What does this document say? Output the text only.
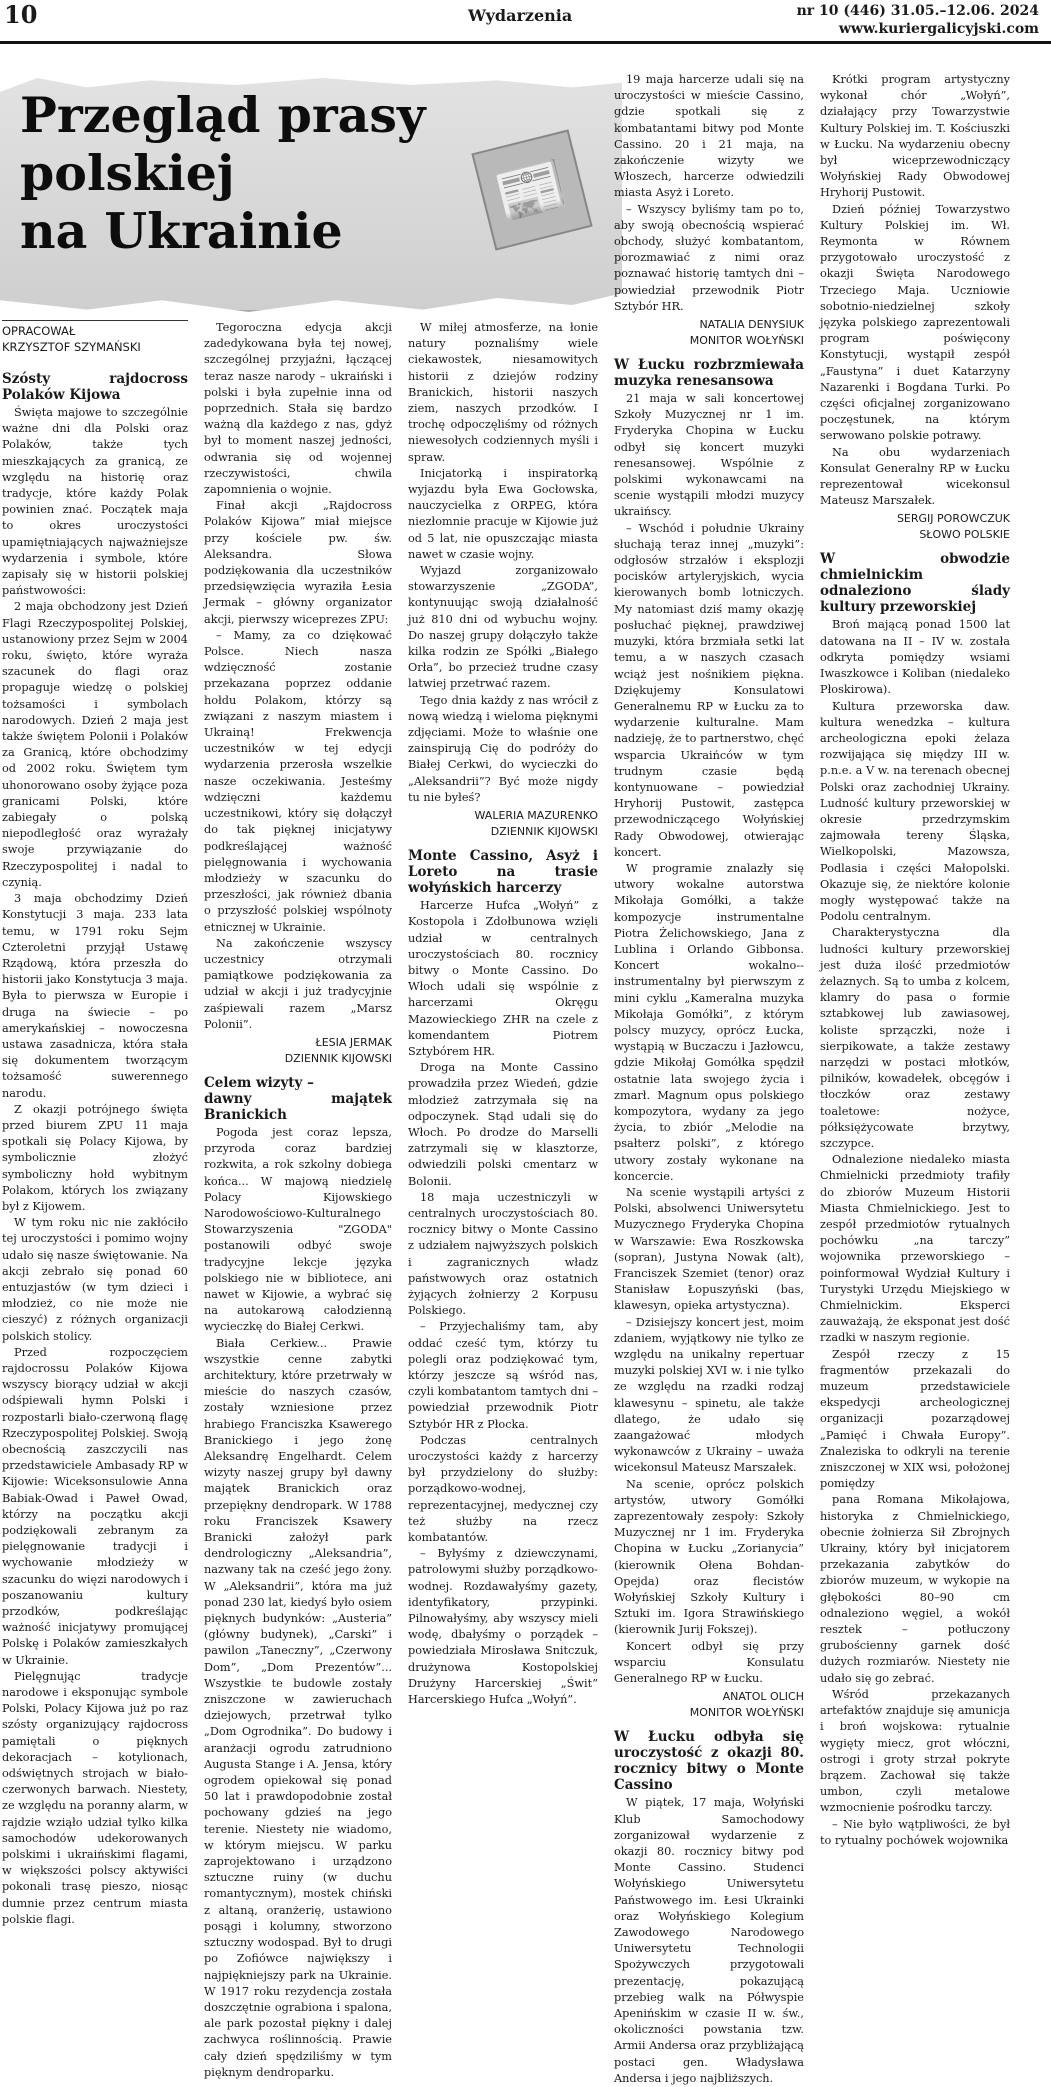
10	Wydarzenia	nr 10 (446) 31.05.–12.06. 2024
www.kuriergalicyjski.com
Przegląd prasy
polskiej
na Ukrainie	📰
OPRACOWAŁ
KRZYSZTOF SZYMAŃSKI
Szósty rajdocross Polaków Kijowa

Święta majowe to szczególnie ważne dni dla Polski oraz Polaków, także tych mieszkających za granicą, ze względu na historię oraz tradycje, które każdy Polak powinien znać. Początek maja to okres uroczystości upamiętniających najważniejsze wydarzenia i symbole, które zapisały się w historii polskiej państwowości:

2 maja obchodzony jest Dzień Flagi Rzeczypospolitej Polskiej, ustanowiony przez Sejm w 2004 roku, święto, które wyraża szacunek do flagi oraz propaguje wiedzę o polskiej tożsamości i symbolach narodowych. Dzień 2 maja jest także świętem Polonii i Polaków za Granicą, które obchodzimy od 2002 roku. Świętem tym uhonorowano osoby żyjące poza granicami Polski, które zabiegały o polską niepodległość oraz wyrażały swoje przywiązanie do Rzeczypospolitej i nadal to czynią.

3 maja obchodzimy Dzień Konstytucji 3 maja. 233 lata temu, w 1791 roku Sejm Czteroletni przyjął Ustawę Rządową, która przeszła do historii jako Konstytucja 3 maja. Była to pierwsza w Europie i druga na świecie – po amerykańskiej – nowoczesna ustawa zasadnicza, która stała się dokumentem tworzącym tożsamość suwerennego narodu.

Z okazji potrójnego święta przed biurem ZPU 11 maja spotkali się Polacy Kijowa, by symbolicznie złożyć symboliczny hołd wybitnym Polakom, których los związany był z Kijowem.

W tym roku nic nie zakłóciło tej uroczystości i pomimo wojny udało się nasze świętowanie. Na akcji zebrało się ponad 60 entuzjastów (w tym dzieci i młodzież, co nie może nie cieszyć) z różnych organizacji polskich stolicy.

Przed rozpoczęciem rajdocrossu Polaków Kijowa wszyscy biorący udział w akcji odśpiewali hymn Polski i rozpostarli biało-czerwoną flagę Rzeczypospolitej Polskiej. Swoją obecnością zaszczycili nas przedstawiciele Ambasady RP w Kijowie: Wiceksonsulowie Anna Babiak-Owad i Paweł Owad, którzy na początku akcji podziękowali zebranym za pielęgnowanie tradycji i wychowanie młodzieży w szacunku do więzi narodowych i poszanowaniu kultury przodków, podkreślając ważność inicjatywy promującej Polskę i Polaków zamieszkałych w Ukrainie.

Pielęgnując tradycje narodowe i eksponując symbole Polski, Polacy Kijowa już po raz szósty organizujący rajdocross pamiętali o pięknych dekoracjach – kotylionach, odświętnych strojach w biało-czerwonych barwach. Niestety, ze względu na poranny alarm, w rajdzie wziąło udział tylko kilka samochodów udekorowanych polskimi i ukraińskimi flagami, w większości polscy aktywiści pokonali trasę pieszo, niosąc dumnie przez centrum miasta polskie flagi.

Tegoroczna edycja akcji zadedykowana była tej nowej, szczególnej przyjaźni, łączącej teraz nasze narody – ukraiński i polski i była zupełnie inna od poprzednich. Stała się bardzo ważną dla każdego z nas, gdyż był to moment naszej jedności, odwrania się od wojennej rzeczywistości, chwila zapomnienia o wojnie.

Finał akcji „Rajdocross Polaków Kijowa” miał miejsce przy kościele pw. św. Aleksandra. Słowa podziękowania dla uczestników przedsięwzięcia wyraziła Łesia Jermak – główny organizator akcji, pierwszy wiceprezes ZPU:

– Mamy, za co dziękować Polsce. Niech nasza wdzięczność zostanie przekazana poprzez oddanie hołdu Polakom, którzy są związani z naszym miastem i Ukrainą! Frekwencja uczestników w tej edycji wydarzenia przerosła wszelkie nasze oczekiwania. Jesteśmy wdzięczni każdemu uczestnikowi, który się dołączył do tak pięknej inicjatywy podkreślającej ważność pielęgnowania i wychowania młodzieży w szacunku do przeszłości, jak również dbania o przyszłość polskiej wspólnoty etnicznej w Ukrainie.

Na zakończenie wszyscy uczestnicy otrzymali pamiątkowe podziękowania za udział w akcji i już tradycyjnie zaśpiewali razem „Marsz Polonii”.

ŁESIA JERMAK
DZIENNIK KIJOWSKI
Celem wizyty –
dawny majątek Branickich

Pogoda jest coraz lepsza, przyroda coraz bardziej rozkwita, a rok szkolny dobiega końca... W majową niedzielę Polacy Kijowskiego Narodowościowo-Kulturalnego Stowarzyszenia "ZGODA" postanowili odbyć swoje tradycyjne lekcje języka polskiego nie w bibliotece, ani nawet w Kijowie, a wybrać się na autokarową całodzienną wycieczkę do Białej Cerkwi.

Biała Cerkiew... Prawie wszystkie cenne zabytki architektury, które przetrwały w mieście do naszych czasów, zostały wzniesione przez hrabiego Franciszka Ksawerego Branickiego i jego żonę Aleksandrę Engelhardt. Celem wizyty naszej grupy był dawny majątek Branickich oraz przepiękny dendropark. W 1788 roku Franciszek Ksawery Branicki założył park dendrologiczny „Aleksandria”, nazwany tak na cześć jego żony. W „Aleksandrii”, która ma już ponad 230 lat, kiedyś było osiem pięknych budynków: „Austeria” (główny budynek), „Carski” i pawilon „Taneczny”, „Czerwony Dom”, „Dom Prezentów”... Wszystkie te budowle zostały zniszczone w zawieruchach dziejowych, przetrwał tylko „Dom Ogrodnika”. Do budowy i aranżacji ogrodu zatrudniono Augusta Stange i A. Jensa, który ogrodem opiekował się ponad 50 lat i prawdopodobnie został pochowany gdzieś na jego terenie. Niestety nie wiadomo, w którym miejscu. W parku zaprojektowano i urządzono sztuczne ruiny (w duchu romantycznym), mostek chiński z altaną, oranżerię, ustawiono posągi i kolumny, stworzono sztuczny wodospad. Był to drugi po Zofiówce największy i najpiękniejszy park na Ukrainie. W 1917 roku rezydencja została doszczętnie ograbiona i spalona, ale park pozostał piękny i dalej zachwyca roślinnością. Prawie cały dzień spędziliśmy w tym pięknym dendroparku.

W miłej atmosferze, na łonie natury poznaliśmy wiele ciekawostek, niesamowitych historii z dziejów rodziny Branickich, historii naszych ziem, naszych przodków. I trochę odpoczęliśmy od różnych niewesołych codziennych myśli i spraw.

Inicjatorką i inspiratorką wyjazdu była Ewa Gocłowska, nauczycielka z ORPEG, która niezłomnie pracuje w Kijowie już od 5 lat, nie opuszczając miasta nawet w czasie wojny.

Wyjazd zorganizowało stowarzyszenie „ZGODA”, kontynuując swoją działalność już 810 dni od wybuchu wojny. Do naszej grupy dołączyło także kilka rodzin ze Spółki „Białego Orła”, bo przecież trudne czasy latwiej przetrwać razem.

Tego dnia każdy z nas wrócił z nową wiedzą i wieloma pięknymi zdjęciami. Może to właśnie one zainspirują Cię do podróży do Białej Cerkwi, do wycieczki do „Aleksandrii”? Być może nigdy tu nie byłeś?

WALERIA MAZURENKO
DZIENNIK KIJOWSKI
Monte Cassino, Asyż i Loreto na trasie wołyńskich harcerzy

Harcerze Hufca „Wołyń” z Kostopola i Zdołbunowa wzięli udział w centralnych uroczystościach 80. rocznicy bitwy o Monte Cassino. Do Włoch udali się wspólnie z harcerzami Okręgu Mazowieckiego ZHR na czele z komendantem Piotrem Sztybórem HR.

Droga na Monte Cassino prowadziła przez Wiedeń, gdzie młodzież zatrzymała się na odpoczynek. Stąd udali się do Włoch. Po drodze do Marselli zatrzymali się w klasztorze, odwiedzili polski cmentarz w Bolonii.

18 maja uczestniczyli w centralnych uroczystościach 80. rocznicy bitwy o Monte Cassino z udziałem najwyższych polskich i zagranicznych władz państwowych oraz ostatnich żyjących żołnierzy 2 Korpusu Polskiego.

– Przyjechaliśmy tam, aby oddać cześć tym, którzy tu polegli oraz podziękować tym, którzy jeszcze są wśród nas, czyli kombatantom tamtych dni – powiedział przewodnik Piotr Sztybór HR z Płocka.

Podczas centralnych uroczystości każdy z harcerzy był przydzielony do służby: porządkowo-wodnej, reprezentacyjnej, medycznej czy też służby na rzecz kombatantów.

– Byłyśmy z dziewczynami, patrolowymi służby porządkowo-wodnej. Rozdawałyśmy gazety, identyfikatory, przypinki. Pilnowałyśmy, aby wszyscy mieli wodę, dbałyśmy o porządek – powiedziała Mirosława Snitczuk, drużynowa Kostopolskiej Drużyny Harcerskiej „Świt” Harcerskiego Hufca „Wołyń”.

19 maja harcerze udali się na uroczystości w mieście Cassino, gdzie spotkali się z kombatantami bitwy pod Monte Cassino. 20 i 21 maja, na zakończenie wizyty we Włoszech, harcerze odwiedzili miasta Asyż i Loreto.

– Wszyscy byliśmy tam po to, aby swoją obecnością wspierać obchody, służyć kombatantom, porozmawiać z nimi oraz poznawać historię tamtych dni – powiedział przewodnik Piotr Sztybór HR.

NATALIA DENYSIUK
MONITOR WOŁYŃSKI
W Łucku rozbrzmiewała muzyka renesansowa

21 maja w sali koncertowej Szkoły Muzycznej nr 1 im. Fryderyka Chopina w Łucku odbył się koncert muzyki renesansowej. Wspólnie z polskimi wykonawcami na scenie wystąpili młodzi muzycy ukraińscy.

– Wschód i południe Ukrainy słuchają teraz innej „muzyki”: odgłosów strzałów i eksplozji pocisków artyleryjskich, wycia kierowanych bomb lotniczych. My natomiast dziś mamy okazję posłuchać pięknej, prawdziwej muzyki, która brzmiała setki lat temu, a w naszych czasach wciąż jest nośnikiem piękna. Dziękujemy Konsulatowi Generalnemu RP w Łucku za to wydarzenie kulturalne. Mam nadzieję, że to partnerstwo, chęć wsparcia Ukraińców w tym trudnym czasie będą kontynuowane – powiedział Hryhorij Pustowit, zastępca przewodniczącego Wołyńskiej Rady Obwodowej, otwierając koncert.

W programie znalazły się utwory wokalne autorstwa Mikołaja Gomółki, a także kompozycje instrumentalne Piotra Żelichowskiego, Jana z Lublina i Orlando Gibbonsa. Koncert wokalno--instrumentalny był pierwszym z mini cyklu „Kameralna muzyka Mikołaja Gomółki”, z którym polscy muzycy, oprócz Łucka, wystąpią w Buczaczu i Jazłowcu, gdzie Mikołaj Gomółka spędził ostatnie lata swojego życia i zmarł. Magnum opus polskiego kompozytora, wydany za jego życia, to zbiór „Melodie na psałterz polski”, z którego utwory zostały wykonane na koncercie.

Na scenie wystąpili artyści z Polski, absolwenci Uniwersytetu Muzycznego Fryderyka Chopina w Warszawie: Ewa Roszkowska (sopran), Justyna Nowak (alt), Franciszek Szemiet (tenor) oraz Stanisław Łopuszyński (bas, klawesyn, opieka artystyczna).

– Dzisiejszy koncert jest, moim zdaniem, wyjątkowy nie tylko ze względu na unikalny repertuar muzyki polskiej XVI w. i nie tylko ze względu na rzadki rodzaj klawesynu – spinetu, ale także dlatego, że udało się zaangażować młodych wykonawców z Ukrainy – uważa wicekonsul Mateusz Marszałek.

Na scenie, oprócz polskich artystów, utwory Gomółki zaprezentowały zespoły: Szkoły Muzycznej nr 1 im. Fryderyka Chopina w Łucku „Zorianycia” (kierownik Ołena Bohdan-Opejda) oraz flecistów Wołyńskiej Szkoły Kultury i Sztuki im. Igora Strawińskiego (kierownik Jurij Fokszej).

Koncert odbył się przy wsparciu Konsulatu Generalnego RP w Łucku.

ANATOL OLICH
MONITOR WOŁYŃSKI
W Łucku odbyła się uroczystość z okazji 80. rocznicy bitwy o Monte Cassino

W piątek, 17 maja, Wołyński Klub Samochodowy zorganizował wydarzenie z okazji 80. rocznicy bitwy pod Monte Cassino. Studenci Wołyńskiego Uniwersytetu Państwowego im. Łesi Ukrainki oraz Wołyńskiego Kolegium Zawodowego Narodowego Uniwersytetu Technologii Spożywczych przygotowali prezentację, pokazującą przebieg walk na Półwyspie Apenińskim w czasie II w. św., okoliczności powstania tzw. Armii Andersa oraz przybliżającą postaci gen. Władysława Andersa i jego najbliższych.

Krótki program artystyczny wykonał chór „Wołyń”, działający przy Towarzystwie Kultury Polskiej im. T. Kościuszki w Łucku. Na wydarzeniu obecny był wiceprzewodniczący Wołyńskiej Rady Obwodowej Hryhorij Pustowit.

Dzień później Towarzystwo Kultury Polskiej im. Wł. Reymonta w Równem przygotowało uroczystość z okazji Święta Narodowego Trzeciego Maja. Uczniowie sobotnio-niedzielnej szkoły języka polskiego zaprezentowali program poświęcony Konstytucji, wystąpił zespół „Faustyna” i duet Katarzyny Nazarenki i Bogdana Turki. Po części oficjalnej zorganizowano poczęstunek, na którym serwowano polskie potrawy.

Na obu wydarzeniach Konsulat Generalny RP w Łucku reprezentował wicekonsul Mateusz Marszałek.

SERGIJ POROWCZUK
SŁOWO POLSKIE
W obwodzie chmielnickim odnaleziono ślady kultury przeworskiej

Broń mającą ponad 1500 lat datowana na II – IV w. została odkryta pomiędzy wsiami Iwaszkowce i Koliban (niedaleko Płoskirowa).

Kultura przeworska daw. kultura wenedzka – kultura archeologiczna epoki żelaza rozwijająca się między III w. p.n.e. a V w. na terenach obecnej Polski oraz zachodniej Ukrainy. Ludność kultury przeworskiej w okresie przedrzymskim zajmowała tereny Śląska, Wielkopolski, Mazowsza, Podlasia i części Małopolski. Okazuje się, że niektóre kolonie mogły występować także na Podolu centralnym.

Charakterystyczna dla ludności kultury przeworskiej jest duża ilość przedmiotów żelaznych. Są to umba z kolcem, klamry do pasa o formie sztabkowej lub zawiasowej, koliste sprzączki, noże i sierpikowate, a także zestawy narzędzi w postaci młotków, pilników, kowadełek, obcęgów i tłoczków oraz zestawy toaletowe: nożyce, półksiężycowate brzytwy, szczypce.

Odnalezione niedaleko miasta Chmielnicki przedmioty trafiły do zbiorów Muzeum Historii Miasta Chmielnickiego. Jest to zespół przedmiotów rytualnych pochówku „na tarczy” wojownika przeworskiego – poinformował Wydział Kultury i Turystyki Urzędu Miejskiego w Chmielnickim. Eksperci zauważają, że eksponat jest dość rzadki w naszym regionie.

Zespół rzeczy z 15 fragmentów przekazali do muzeum przedstawiciele ekspedycji archeologicznej organizacji pozarządowej „Pamięć i Chwała Europy”. Znaleziska to odkryli na terenie zniszczonej w XIX wsi, położonej pomiędzy

pana Romana Mikołajowa, historyka z Chmielnickiego, obecnie żołnierza Sił Zbrojnych Ukrainy, który był inicjatorem przekazania zabytków do zbiorów muzeum, w wykopie na głębokości 80–90 cm odnaleziono węgiel, a wokół resztek – potłuczony grubościenny garnek dość dużych rozmiarów. Niestety nie udało się go zebrać.

Wśród przekazanych artefaktów znajduje się amunicja i broń wojskowa: rytualnie wygięty miecz, grot włóczni, ostrogi i groty strzał pokryte brązem. Zachował się także umbon, czyli metalowe wzmocnienie pośrodku tarczy.

– Nie było wątpliwości, że był to rytualny pochówek wojownika
